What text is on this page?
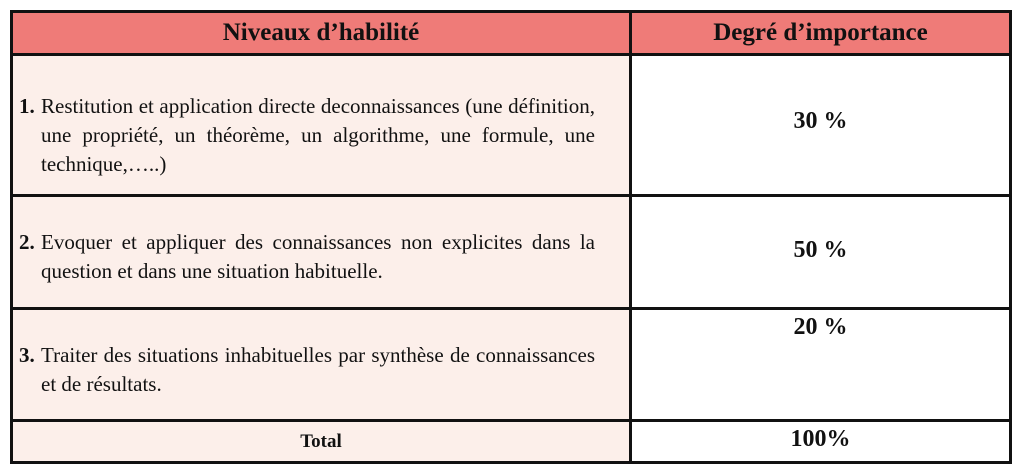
Niveaux d’habilité	Degré d’importance
1. Restitution et application directe deconnaissances (une définition, une propriété, un théorème, un algorithme, une formule, une technique,…..)
30 %
2. Evoquer et appliquer des connaissances non explicites dans la question et dans une situation habituelle.
50 %
3. Traiter des situations inhabituelles par synthèse de connaissances et de résultats.
20 %
Total	100%
